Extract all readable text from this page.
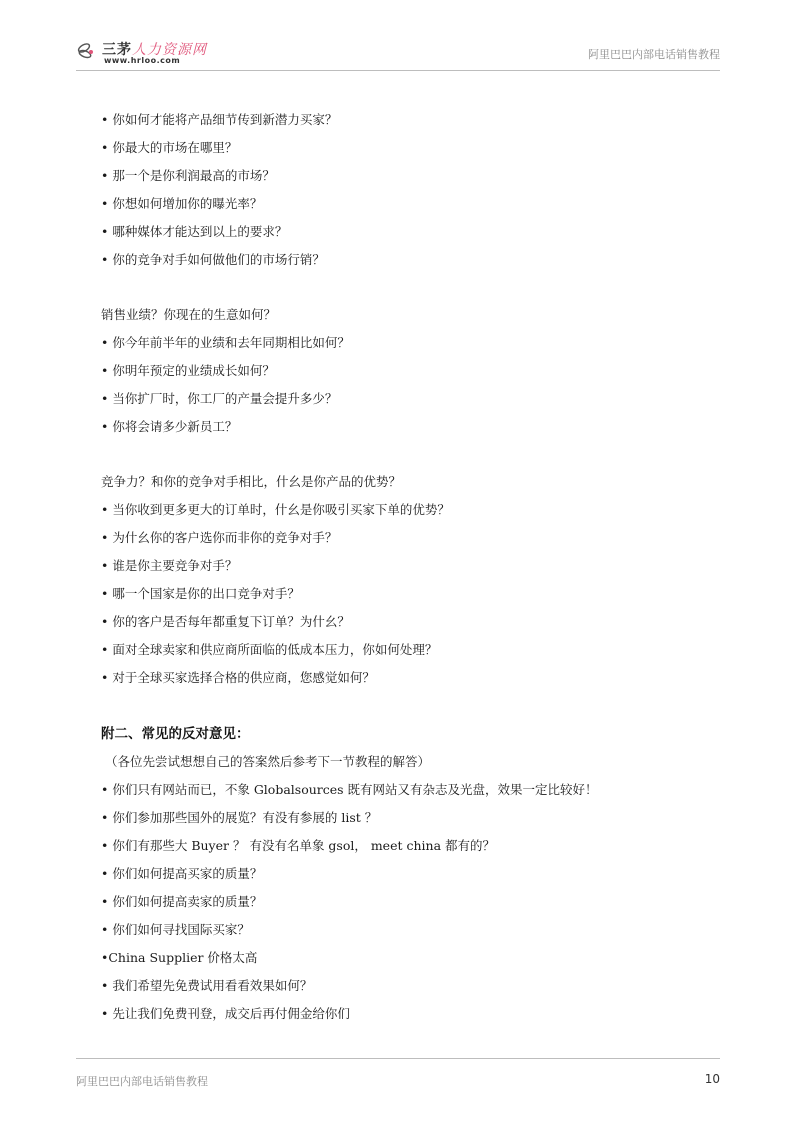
三茅人力资源网
www.hrloo.com	阿里巴巴内部电话销售教程
• 你如何才能将产品细节传到新潜力买家？
• 你最大的市场在哪里？
• 那一个是你利润最高的市场？
• 你想如何增加你的曝光率？
• 哪种媒体才能达到以上的要求？
• 你的竞争对手如何做他们的市场行销？
销售业绩？你现在的生意如何？
• 你今年前半年的业绩和去年同期相比如何？
• 你明年预定的业绩成长如何？
• 当你扩厂时，你工厂的产量会提升多少？
• 你将会请多少新员工？
竞争力？和你的竞争对手相比，什幺是你产品的优势？
• 当你收到更多更大的订单时，什幺是你吸引买家下单的优势？
• 为什幺你的客户选你而非你的竞争对手？
• 谁是你主要竞争对手？
• 哪一个国家是你的出口竞争对手？
• 你的客户是否每年都重复下订单？为什幺？
• 面对全球卖家和供应商所面临的低成本压力，你如何处理？
• 对于全球买家选择合格的供应商，您感觉如何？
附二、常见的反对意见：
（各位先尝试想想自己的答案然后参考下一节教程的解答）
• 你们只有网站而已，不象 Globalsources 既有网站又有杂志及光盘，效果一定比较好！
• 你们参加那些国外的展览？有没有参展的 list ？
• 你们有那些大 Buyer ？ 有没有名单象 gsol， meet china 都有的？
• 你们如何提高买家的质量？
• 你们如何提高卖家的质量？
• 你们如何寻找国际买家？
•China Supplier 价格太高
• 我们希望先免费试用看看效果如何？
• 先让我们免费刊登，成交后再付佣金给你们
阿里巴巴内部电话销售教程	10
